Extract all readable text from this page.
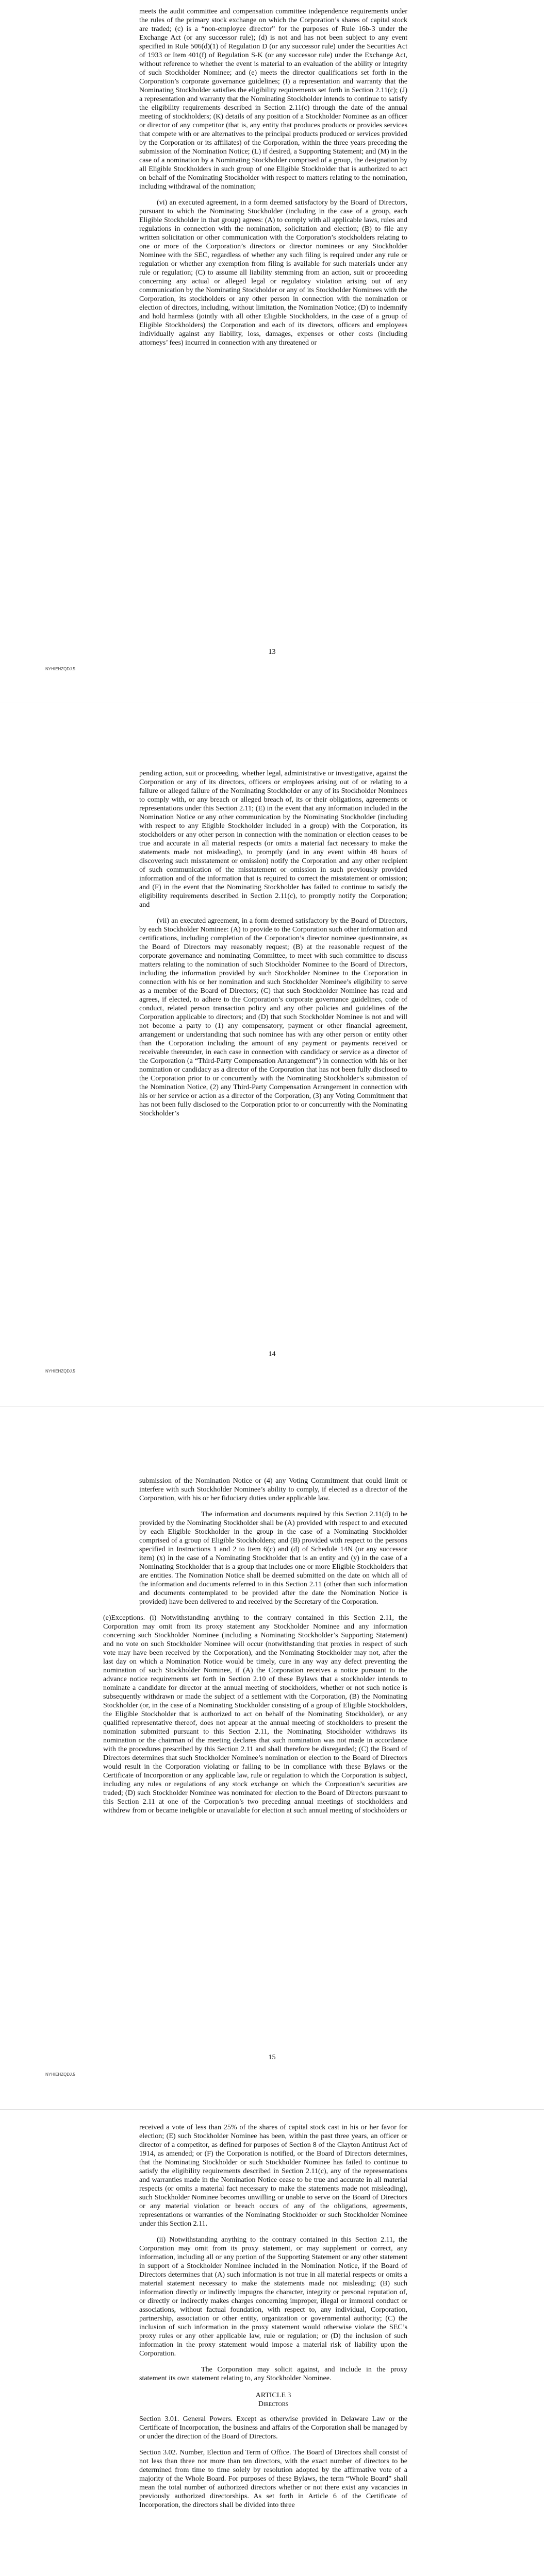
meets the audit committee and compensation committee independence requirements under the rules of the primary stock exchange on which the Corporation’s shares of capital stock are traded; (c) is a “non-employee director” for the purposes of Rule 16b-3 under the Exchange Act (or any successor rule); (d) is not and has not been subject to any event specified in Rule 506(d)(1) of Regulation D (or any successor rule) under the Securities Act of 1933 or Item 401(f) of Regulation S-K (or any successor rule) under the Exchange Act, without reference to whether the event is material to an evaluation of the ability or integrity of such Stockholder Nominee; and (e) meets the director qualifications set forth in the Corporation’s corporate governance guidelines; (I) a representation and warranty that the Nominating Stockholder satisfies the eligibility requirements set forth in Section 2.11(c); (J) a representation and warranty that the Nominating Stockholder intends to continue to satisfy the eligibility requirements described in Section 2.11(c) through the date of the annual meeting of stockholders; (K) details of any position of a Stockholder Nominee as an officer or director of any competitor (that is, any entity that produces products or provides services that compete with or are alternatives to the principal products produced or services provided by the Corporation or its affiliates) of the Corporation, within the three years preceding the submission of the Nomination Notice; (L) if desired, a Supporting Statement; and (M) in the case of a nomination by a Nominating Stockholder comprised of a group, the designation by all Eligible Stockholders in such group of one Eligible Stockholder that is authorized to act on behalf of the Nominating Stockholder with respect to matters relating to the nomination, including withdrawal of the nomination;

(vi) an executed agreement, in a form deemed satisfactory by the Board of Directors, pursuant to which the Nominating Stockholder (including in the case of a group, each Eligible Stockholder in that group) agrees: (A) to comply with all applicable laws, rules and regulations in connection with the nomination, solicitation and election; (B) to file any written solicitation or other communication with the Corporation’s stockholders relating to one or more of the Corporation’s directors or director nominees or any Stockholder Nominee with the SEC, regardless of whether any such filing is required under any rule or regulation or whether any exemption from filing is available for such materials under any rule or regulation; (C) to assume all liability stemming from an action, suit or proceeding concerning any actual or alleged legal or regulatory violation arising out of any communication by the Nominating Stockholder or any of its Stockholder Nominees with the Corporation, its stockholders or any other person in connection with the nomination or election of directors, including, without limitation, the Nomination Notice; (D) to indemnify and hold harmless (jointly with all other Eligible Stockholders, in the case of a group of Eligible Stockholders) the Corporation and each of its directors, officers and employees individually against any liability, loss, damages, expenses or other costs (including attorneys’ fees) incurred in connection with any threatened or

13
NYHIEHZQDJ.5

pending action, suit or proceeding, whether legal, administrative or investigative, against the Corporation or any of its directors, officers or employees arising out of or relating to a failure or alleged failure of the Nominating Stockholder or any of its Stockholder Nominees to comply with, or any breach or alleged breach of, its or their obligations, agreements or representations under this Section 2.11; (E) in the event that any information included in the Nomination Notice or any other communication by the Nominating Stockholder (including with respect to any Eligible Stockholder included in a group) with the Corporation, its stockholders or any other person in connection with the nomination or election ceases to be true and accurate in all material respects (or omits a material fact necessary to make the statements made not misleading), to promptly (and in any event within 48 hours of discovering such misstatement or omission) notify the Corporation and any other recipient of such communication of the misstatement or omission in such previously provided information and of the information that is required to correct the misstatement or omission; and (F) in the event that the Nominating Stockholder has failed to continue to satisfy the eligibility requirements described in Section 2.11(c), to promptly notify the Corporation; and

(vii) an executed agreement, in a form deemed satisfactory by the Board of Directors, by each Stockholder Nominee: (A) to provide to the Corporation such other information and certifications, including completion of the Corporation’s director nominee questionnaire, as the Board of Directors may reasonably request; (B) at the reasonable request of the corporate governance and nominating Committee, to meet with such committee to discuss matters relating to the nomination of such Stockholder Nominee to the Board of Directors, including the information provided by such Stockholder Nominee to the Corporation in connection with his or her nomination and such Stockholder Nominee’s eligibility to serve as a member of the Board of Directors; (C) that such Stockholder Nominee has read and agrees, if elected, to adhere to the Corporation’s corporate governance guidelines, code of conduct, related person transaction policy and any other policies and guidelines of the Corporation applicable to directors; and (D) that such Stockholder Nominee is not and will not become a party to (1) any compensatory, payment or other financial agreement, arrangement or understanding that such nominee has with any other person or entity other than the Corporation including the amount of any payment or payments received or receivable thereunder, in each case in connection with candidacy or service as a director of the Corporation (a “Third-Party Compensation Arrangement”) in connection with his or her nomination or candidacy as a director of the Corporation that has not been fully disclosed to the Corporation prior to or concurrently with the Nominating Stockholder’s submission of the Nomination Notice, (2) any Third-Party Compensation Arrangement in connection with his or her service or action as a director of the Corporation, (3) any Voting Commitment that has not been fully disclosed to the Corporation prior to or concurrently with the Nominating Stockholder’s

14
NYHIEHZQDJ.5

submission of the Nomination Notice or (4) any Voting Commitment that could limit or interfere with such Stockholder Nominee’s ability to comply, if elected as a director of the Corporation, with his or her fiduciary duties under applicable law.

The information and documents required by this Section 2.11(d) to be provided by the Nominating Stockholder shall be (A) provided with respect to and executed by each Eligible Stockholder in the group in the case of a Nominating Stockholder comprised of a group of Eligible Stockholders; and (B) provided with respect to the persons specified in Instructions 1 and 2 to Item 6(c) and (d) of Schedule 14N (or any successor item) (x) in the case of a Nominating Stockholder that is an entity and (y) in the case of a Nominating Stockholder that is a group that includes one or more Eligible Stockholders that are entities. The Nomination Notice shall be deemed submitted on the date on which all of the information and documents referred to in this Section 2.11 (other than such information and documents contemplated to be provided after the date the Nomination Notice is provided) have been delivered to and received by the Secretary of the Corporation.

(e)Exceptions. (i) Notwithstanding anything to the contrary contained in this Section 2.11, the Corporation may omit from its proxy statement any Stockholder Nominee and any information concerning such Stockholder Nominee (including a Nominating Stockholder’s Supporting Statement) and no vote on such Stockholder Nominee will occur (notwithstanding that proxies in respect of such vote may have been received by the Corporation), and the Nominating Stockholder may not, after the last day on which a Nomination Notice would be timely, cure in any way any defect preventing the nomination of such Stockholder Nominee, if (A) the Corporation receives a notice pursuant to the advance notice requirements set forth in Section 2.10 of these Bylaws that a stockholder intends to nominate a candidate for director at the annual meeting of stockholders, whether or not such notice is subsequently withdrawn or made the subject of a settlement with the Corporation, (B) the Nominating Stockholder (or, in the case of a Nominating Stockholder consisting of a group of Eligible Stockholders, the Eligible Stockholder that is authorized to act on behalf of the Nominating Stockholder), or any qualified representative thereof, does not appear at the annual meeting of stockholders to present the nomination submitted pursuant to this Section 2.11, the Nominating Stockholder withdraws its nomination or the chairman of the meeting declares that such nomination was not made in accordance with the procedures prescribed by this Section 2.11 and shall therefore be disregarded; (C) the Board of Directors determines that such Stockholder Nominee’s nomination or election to the Board of Directors would result in the Corporation violating or failing to be in compliance with these Bylaws or the Certificate of Incorporation or any applicable law, rule or regulation to which the Corporation is subject, including any rules or regulations of any stock exchange on which the Corporation’s securities are traded; (D) such Stockholder Nominee was nominated for election to the Board of Directors pursuant to this Section 2.11 at one of the Corporation’s two preceding annual meetings of stockholders and withdrew from or became ineligible or unavailable for election at such annual meeting of stockholders or

15
NYHIEHZQDJ.5

received a vote of less than 25% of the shares of capital stock cast in his or her favor for election; (E) such Stockholder Nominee has been, within the past three years, an officer or director of a competitor, as defined for purposes of Section 8 of the Clayton Antitrust Act of 1914, as amended; or (F) the Corporation is notified, or the Board of Directors determines, that the Nominating Stockholder or such Stockholder Nominee has failed to continue to satisfy the eligibility requirements described in Section 2.11(c), any of the representations and warranties made in the Nomination Notice cease to be true and accurate in all material respects (or omits a material fact necessary to make the statements made not misleading), such Stockholder Nominee becomes unwilling or unable to serve on the Board of Directors or any material violation or breach occurs of any of the obligations, agreements, representations or warranties of the Nominating Stockholder or such Stockholder Nominee under this Section 2.11.

(ii) Notwithstanding anything to the contrary contained in this Section 2.11, the Corporation may omit from its proxy statement, or may supplement or correct, any information, including all or any portion of the Supporting Statement or any other statement in support of a Stockholder Nominee included in the Nomination Notice, if the Board of Directors determines that (A) such information is not true in all material respects or omits a material statement necessary to make the statements made not misleading; (B) such information directly or indirectly impugns the character, integrity or personal reputation of, or directly or indirectly makes charges concerning improper, illegal or immoral conduct or associations, without factual foundation, with respect to, any individual, Corporation, partnership, association or other entity, organization or governmental authority; (C) the inclusion of such information in the proxy statement would otherwise violate the SEC’s proxy rules or any other applicable law, rule or regulation; or (D) the inclusion of such information in the proxy statement would impose a material risk of liability upon the Corporation.

The Corporation may solicit against, and include in the proxy statement its own statement relating to, any Stockholder Nominee.

ARTICLE 3
Directors

Section 3.01. General Powers. Except as otherwise provided in Delaware Law or the Certificate of Incorporation, the business and affairs of the Corporation shall be managed by or under the direction of the Board of Directors.

Section 3.02. Number, Election and Term of Office. The Board of Directors shall consist of not less than three nor more than ten directors, with the exact number of directors to be determined from time to time solely by resolution adopted by the affirmative vote of a majority of the Whole Board. For purposes of these Bylaws, the term “Whole Board” shall mean the total number of authorized directors whether or not there exist any vacancies in previously authorized directorships. As set forth in Article 6 of the Certificate of Incorporation, the directors shall be divided into three
